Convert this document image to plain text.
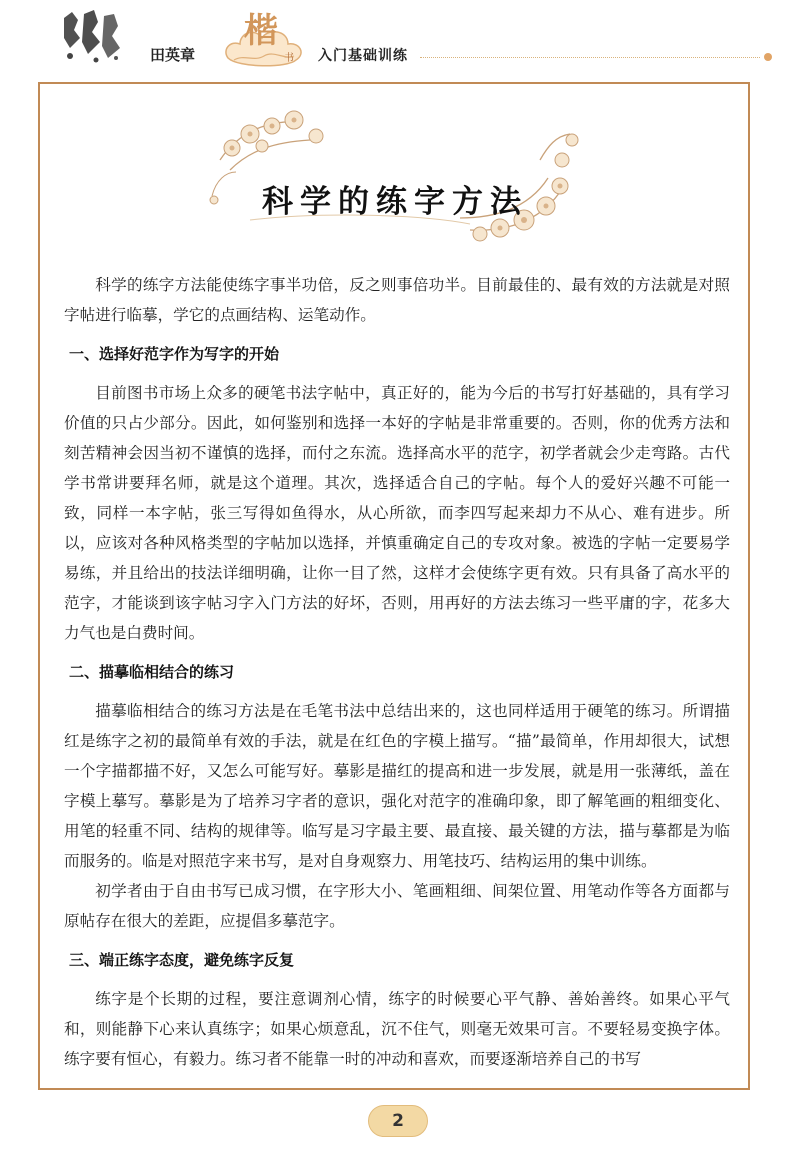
田英章
楷
书 入门基础训练
科学的练字方法

科学的练字方法能使练字事半功倍，反之则事倍功半。目前最佳的、最有效的方法就是对照字帖进行临摹，学它的点画结构、运笔动作。

一、选择好范字作为写字的开始

目前图书市场上众多的硬笔书法字帖中，真正好的，能为今后的书写打好基础的，具有学习价值的只占少部分。因此，如何鉴别和选择一本好的字帖是非常重要的。否则，你的优秀方法和刻苦精神会因当初不谨慎的选择，而付之东流。选择高水平的范字，初学者就会少走弯路。古代学书常讲要拜名师，就是这个道理。其次，选择适合自己的字帖。每个人的爱好兴趣不可能一致，同样一本字帖，张三写得如鱼得水，从心所欲，而李四写起来却力不从心、难有进步。所以，应该对各种风格类型的字帖加以选择，并慎重确定自己的专攻对象。被选的字帖一定要易学易练，并且给出的技法详细明确，让你一目了然，这样才会使练字更有效。只有具备了高水平的范字，才能谈到该字帖习字入门方法的好坏，否则，用再好的方法去练习一些平庸的字，花多大力气也是白费时间。

二、描摹临相结合的练习

描摹临相结合的练习方法是在毛笔书法中总结出来的，这也同样适用于硬笔的练习。所谓描红是练字之初的最简单有效的手法，就是在红色的字模上描写。“描”最简单，作用却很大，试想一个字描都描不好，又怎么可能写好。摹影是描红的提高和进一步发展，就是用一张薄纸，盖在字模上摹写。摹影是为了培养习字者的意识，强化对范字的准确印象，即了解笔画的粗细变化、用笔的轻重不同、结构的规律等。临写是习字最主要、最直接、最关键的方法，描与摹都是为临而服务的。临是对照范字来书写，是对自身观察力、用笔技巧、结构运用的集中训练。

初学者由于自由书写已成习惯，在字形大小、笔画粗细、间架位置、用笔动作等各方面都与原帖存在很大的差距，应提倡多摹范字。

三、端正练字态度，避免练字反复

练字是个长期的过程，要注意调剂心情，练字的时候要心平气静、善始善终。如果心平气和，则能静下心来认真练字；如果心烦意乱，沉不住气，则毫无效果可言。不要轻易变换字体。练字要有恒心，有毅力。练习者不能靠一时的冲动和喜欢，而要逐渐培养自己的书写

2
